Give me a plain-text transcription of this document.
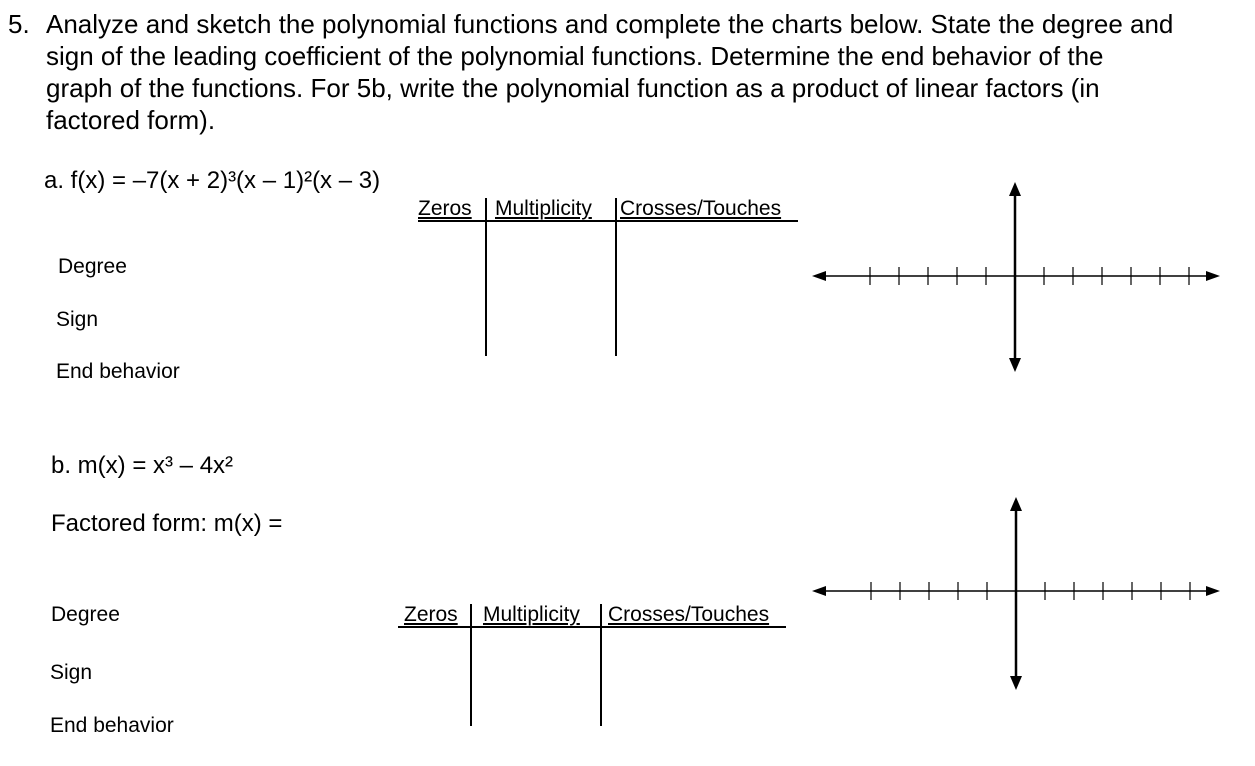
5. Analyze and sketch the polynomial functions and complete the charts below. State the degree and
sign of the leading coefficient of the polynomial functions. Determine the end behavior of the
graph of the functions. For 5b, write the polynomial function as a product of linear factors (in
factored form).
a. f(x) = –7(x + 2)³(x – 1)²(x – 3)
Degree
Sign
End behavior
Zeros Multiplicity Crosses/Touches
b. m(x) = x³ – 4x²
Factored form: m(x) =
Degree
Sign
End behavior
Zeros Multiplicity Crosses/Touches
